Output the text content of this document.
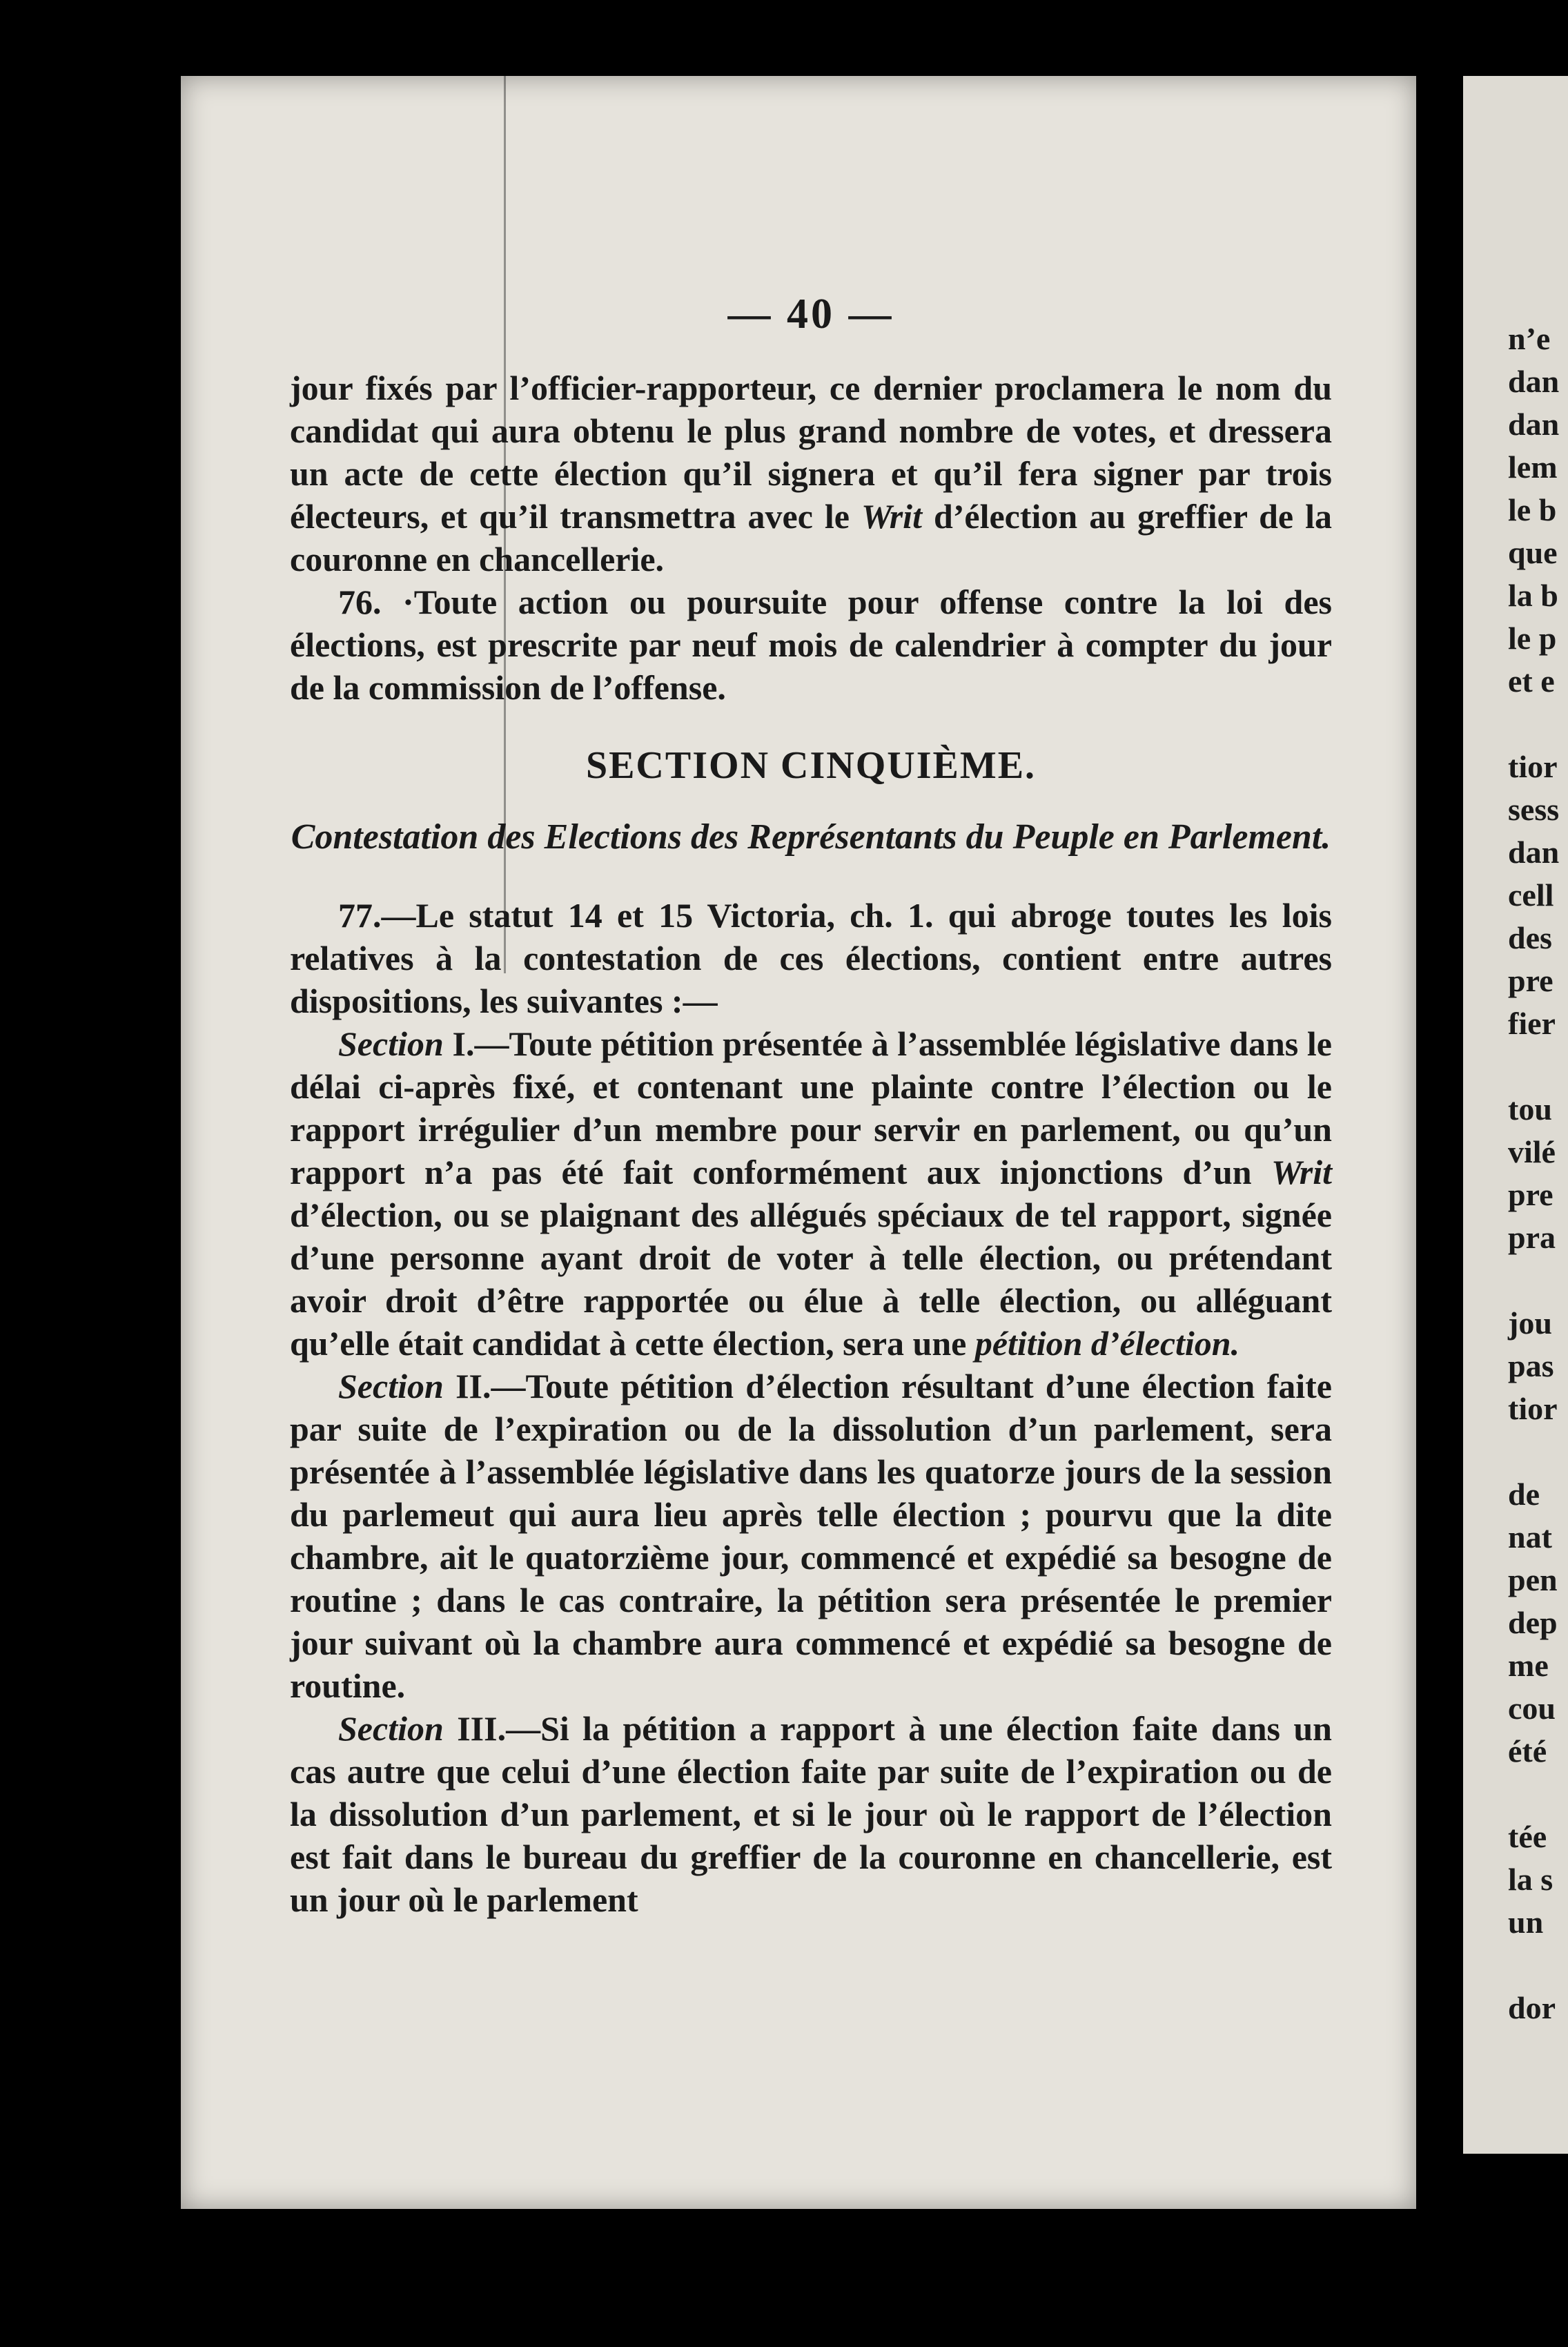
— 40 —

jour fixés par l’officier-rapporteur, ce dernier proclamera le nom du candidat qui aura obtenu le plus grand nombre de votes, et dressera un acte de cette élection qu’il signera et qu’il fera signer par trois électeurs, et qu’il transmettra avec le Writ d’élection au greffier de la couronne en chancellerie.

76. ·Toute action ou poursuite pour offense contre la loi des élections, est prescrite par neuf mois de calendrier à compter du jour de la commission de l’offense.

SECTION CINQUIÈME.
Contestation des Elections des Représentants du Peuple en Parlement.

77.—Le statut 14 et 15 Victoria, ch. 1. qui abroge toutes les lois relatives à la contestation de ces élections, contient entre autres dispositions, les suivantes :—

Section I.—Toute pétition présentée à l’assemblée législative dans le délai ci-après fixé, et contenant une plainte contre l’élection ou le rapport irrégulier d’un membre pour servir en parlement, ou qu’un rapport n’a pas été fait conformément aux injonctions d’un Writ d’élection, ou se plaignant des allégués spéciaux de tel rapport, signée d’une personne ayant droit de voter à telle élection, ou prétendant avoir droit d’être rapportée ou élue à telle élection, ou alléguant qu’elle était candidat à cette élection, sera une pétition d’élection.

Section II.—Toute pétition d’élection résultant d’une élection faite par suite de l’expiration ou de la dissolution d’un parlement, sera présentée à l’assemblée législative dans les quatorze jours de la session du parlemeut qui aura lieu après telle élection ; pourvu que la dite chambre, ait le quatorzième jour, commencé et expédié sa besogne de routine ; dans le cas contraire, la pétition sera présentée le premier jour suivant où la chambre aura commencé et expédié sa besogne de routine.

Section III.—Si la pétition a rapport à une élection faite dans un cas autre que celui d’une élection faite par suite de l’expiration ou de la dissolution d’un parlement, et si le jour où le rapport de l’élection est fait dans le bureau du greffier de la couronne en chancellerie, est un jour où le parlement

n’e
dan
dan
lem
le b
que
la b
le p
et e

tior
sess
dan
cell
des
pre
fier

tou
vilé
pre
pra

jou
pas
tior

de
nat
pen
dep
me
cou
été

tée
la s
un

dor
